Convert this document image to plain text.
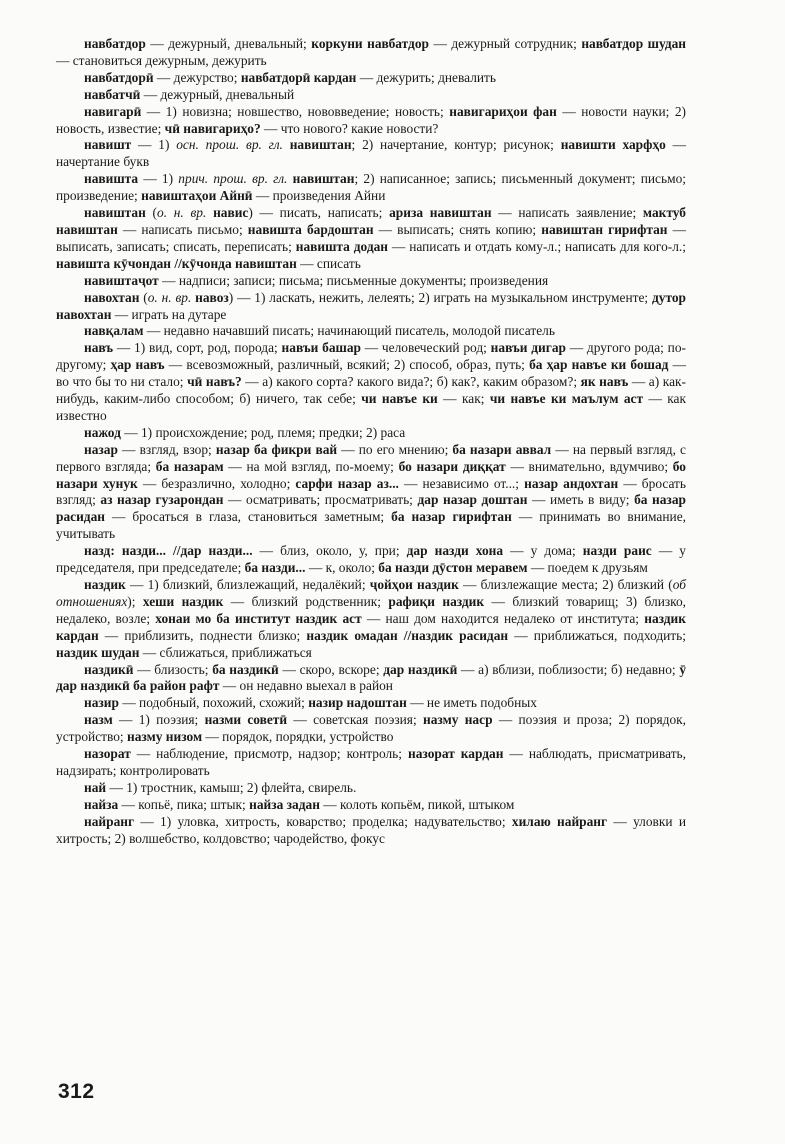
навбатдор — дежурный, дневальный; коркуни навбатдор — дежурный сотрудник; навбатдор шудан — становиться дежурным, дежурить

навбатдорӣ — дежурство; навбатдорӣ кардан — дежурить; дневалить

навбатчӣ — дежурный, дневальный

навигарӣ — 1) новизна; новшество, нововведение; новость; навигариҳои фан — новости науки; 2) новость, известие; чӣ навигариҳо? — что нового? какие новости?

навишт — 1) осн. прош. вр. гл. навиштан; 2) начертание, контур; рисунок; навишти харфҳо — начертание букв

навишта — 1) прич. прош. вр. гл. навиштан; 2) написанное; запись; письменный документ; письмо; произведение; навиштаҳои Айнӣ — произведения Айни

навиштан (о. н. вр. навис) — писать, написать; ариза навиштан — написать заявление; мактуб навиштан — написать письмо; навишта бардоштан — выписать; снять копию; навиштан гирифтан — выписать, записать; списать, переписать; навишта додан — написать и отдать кому-л.; написать для кого-л.; навишта кӯчондан //кӯчонда навиштан — списать

навиштаҷот — надписи; записи; письма; письменные документы; произведения

навохтан (о. н. вр. навоз) — 1) ласкать, нежить, лелеять; 2) играть на музыкальном инструменте; дутор навохтан — играть на дутаре

навқалам — недавно начавший писать; начинающий писатель, молодой писатель

навъ — 1) вид, сорт, род, порода; навъи башар — человеческий род; навъи дигар — другого рода; по-другому; ҳар навъ — всевозможный, различный, всякий; 2) способ, образ, путь; ба ҳар навъе ки бошад — во что бы то ни стало; чӣ навъ? — а) какого сорта? какого вида?; б) как?, каким образом?; як навъ — а) как-нибудь, каким-либо способом; б) ничего, так себе; чи навъе ки — как; чи навъе ки маълум аст — как известно

нажод — 1) происхождение; род, племя; предки; 2) раса

назар — взгляд, взор; назар ба фикри вай — по его мнению; ба назари аввал — на первый взгляд, с первого взгляда; ба назарам — на мой взгляд, по-моему; бо назари диққат — внимательно, вдумчиво; бо назари хунук — безразлично, холодно; сарфи назар аз... — независимо от...; назар андохтан — бросать взгляд; аз назар гузарондан — осматривать; просматривать; дар назар доштан — иметь в виду; ба назар расидан — бросаться в глаза, становиться заметным; ба назар гирифтан — принимать во внимание, учитывать

назд: назди... //дар назди... — близ, около, у, при; дар назди хона — у дома; назди раис — у председателя, при председателе; ба назди... — к, около; ба назди дӯстон меравем — поедем к друзьям

наздик — 1) близкий, близлежащий, недалёкий; ҷойҳои наздик — близлежащие места; 2) близкий (об отношениях); хеши наздик — близкий родственник; рафиқи наздик — близкий товарищ; 3) близко, недалеко, возле; хонаи мо ба институт наздик аст — наш дом находится недалеко от института; наздик кардан — приблизить, поднести близко; наздик омадан //наздик расидан — приближаться, подходить; наздик шудан — сближаться, приближаться

наздикӣ — близость; ба наздикӣ — скоро, вскоре; дар наздикӣ — а) вблизи, поблизости; б) недавно; ӯ дар наздикӣ ба район рафт — он недавно выехал в район

назир — подобный, похожий, схожий; назир надоштан — не иметь подобных

назм — 1) поэзия; назми советӣ — советская поэзия; назму наср — поэзия и проза; 2) порядок, устройство; назму низом — порядок, порядки, устройство

назорат — наблюдение, присмотр, надзор; контроль; назорат кардан — наблюдать, присматривать, надзирать; контролировать

най — 1) тростник, камыш; 2) флейта, свирель.

найза — копьё, пика; штык; найза задан — колоть копьём, пикой, штыком

найранг — 1) уловка, хитрость, коварство; проделка; надувательство; хилаю найранг — уловки и хитрость; 2) волшебство, колдовство; чародейство, фокус

312
